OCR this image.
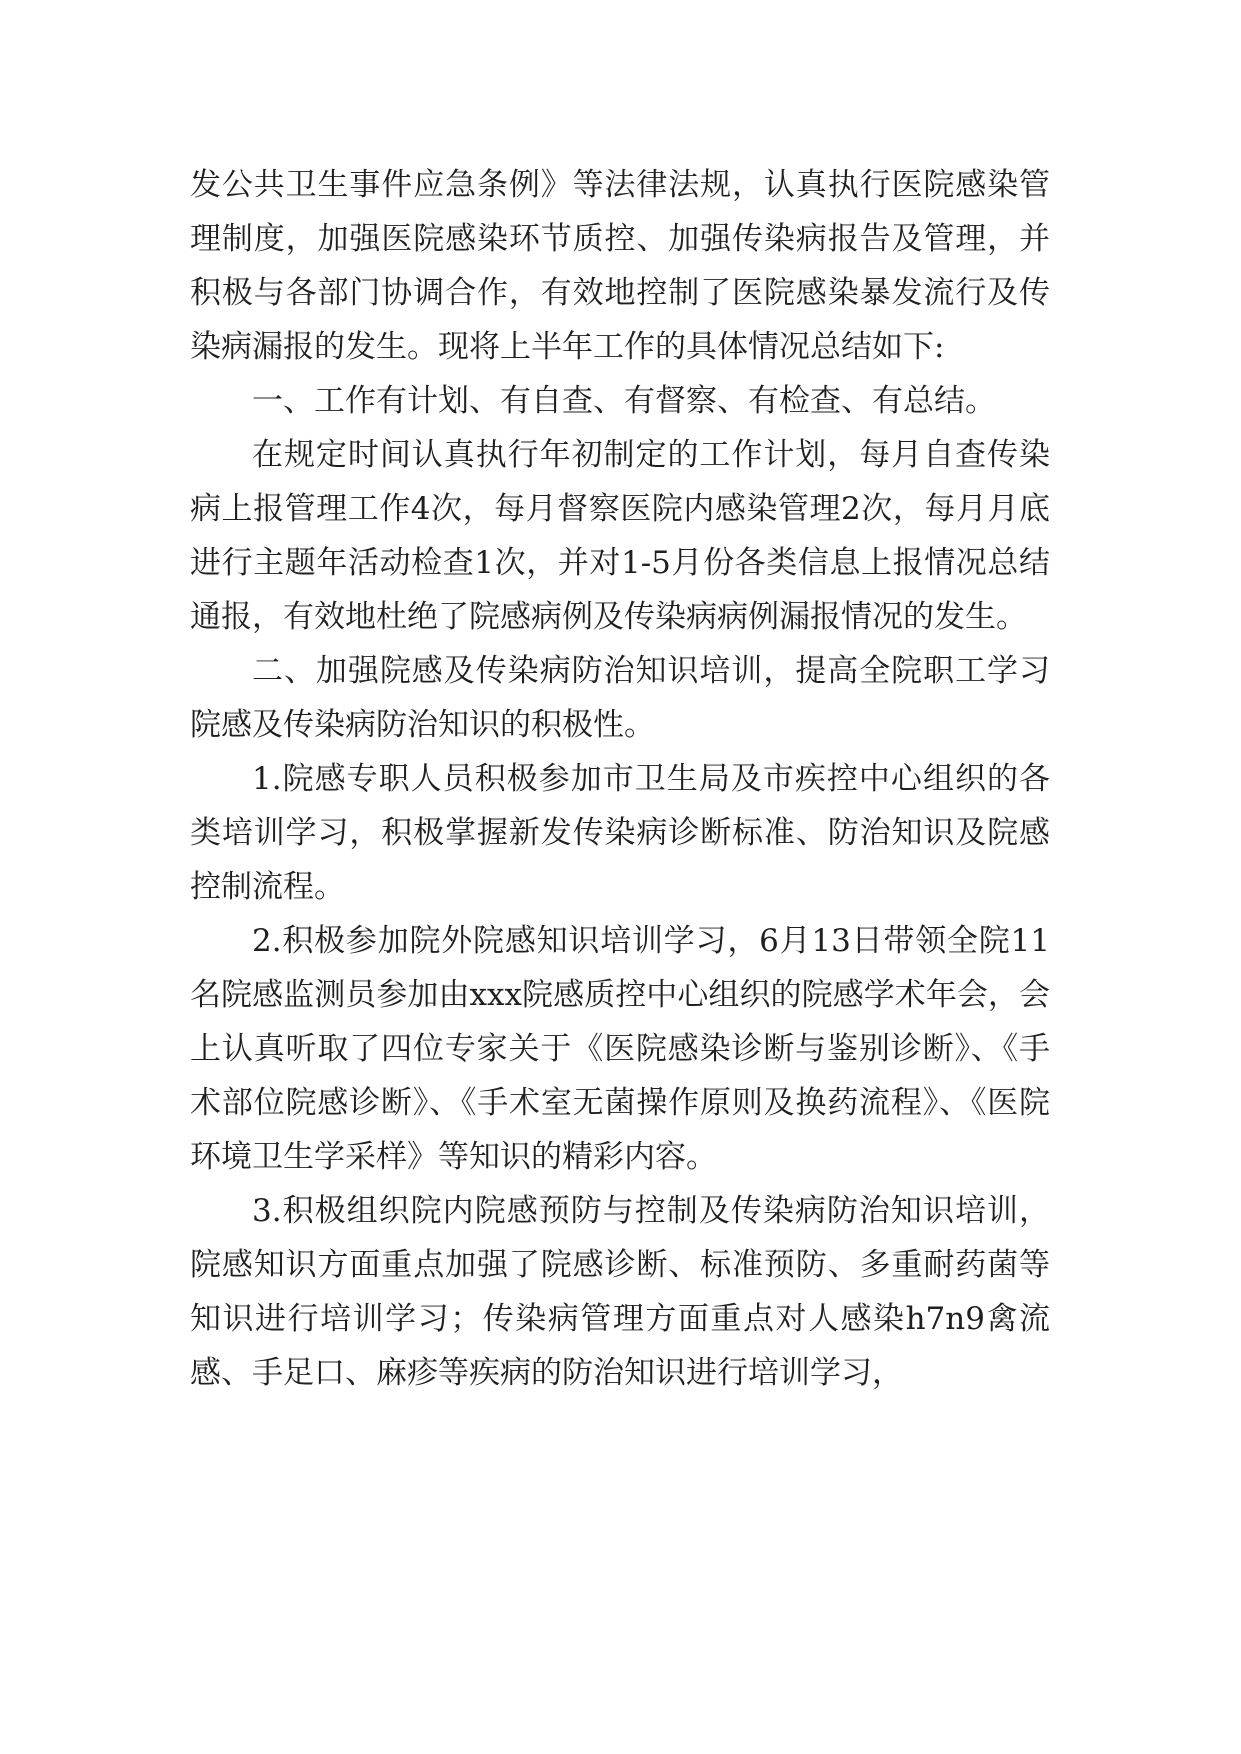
发公共卫生事件应急条例》等法律法规，认真执行医院感染管理制度，加强医院感染环节质控、加强传染病报告及管理，并积极与各部门协调合作，有效地控制了医院感染暴发流行及传染病漏报的发生。现将上半年工作的具体情况总结如下:

一、工作有计划、有自查、有督察、有检查、有总结。

在规定时间认真执行年初制定的工作计划，每月自查传染病上报管理工作4次，每月督察医院内感染管理2次，每月月底进行主题年活动检查1次，并对1-5月份各类信息上报情况总结通报，有效地杜绝了院感病例及传染病病例漏报情况的发生。

二、加强院感及传染病防治知识培训，提高全院职工学习院感及传染病防治知识的积极性。

1.院感专职人员积极参加市卫生局及市疾控中心组织的各类培训学习，积极掌握新发传染病诊断标准、防治知识及院感控制流程。

2.积极参加院外院感知识培训学习，6月13日带领全院11名院感监测员参加由xxx院感质控中心组织的院感学术年会，会上认真听取了四位专家关于《医院感染诊断与鉴别诊断》、《手术部位院感诊断》、《手术室无菌操作原则及换药流程》、《医院环境卫生学采样》等知识的精彩内容。

3.积极组织院内院感预防与控制及传染病防治知识培训，院感知识方面重点加强了院感诊断、标准预防、多重耐药菌等知识进行培训学习；传染病管理方面重点对人感染h7n9禽流感、手足口、麻疹等疾病的防治知识进行培训学习，
